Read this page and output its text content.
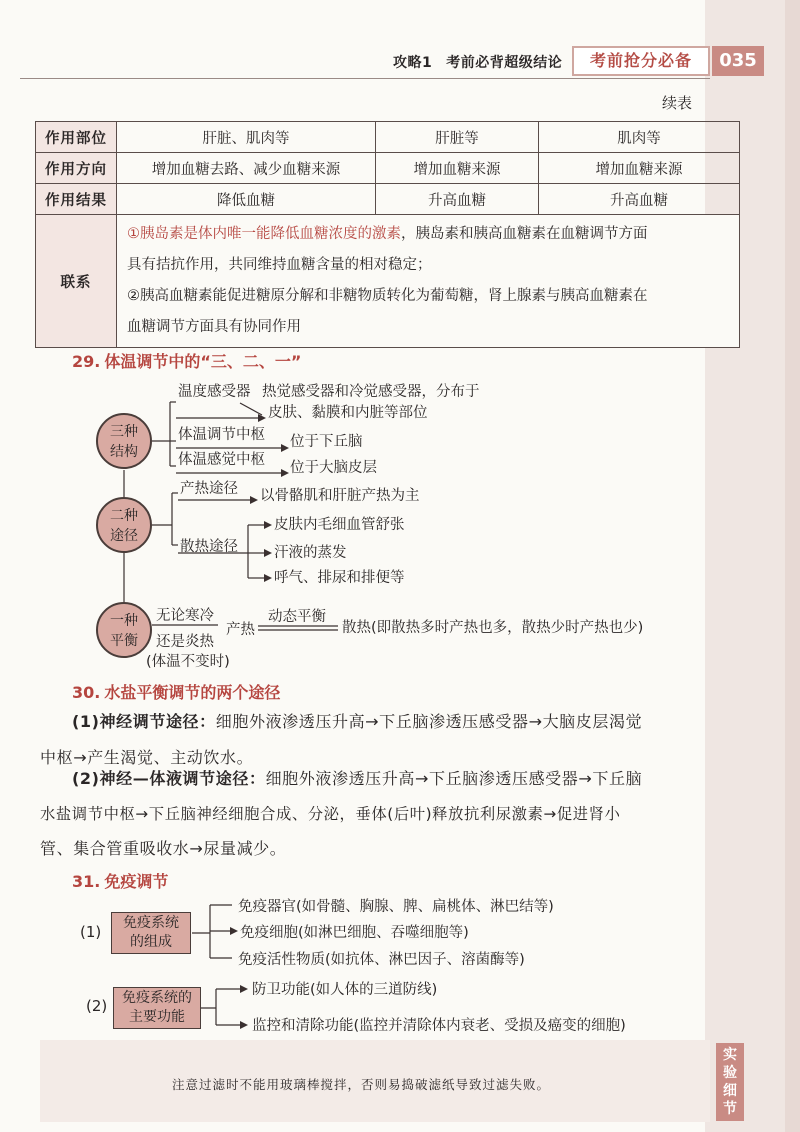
攻略1 考前必背超级结论	考前抢分必备	035
续表
作用部位	肝脏、肌肉等	肝脏等	肌肉等
作用方向	增加血糖去路、减少血糖来源	增加血糖来源	增加血糖来源
作用结果	降低血糖	升高血糖	升高血糖
联系	①胰岛素是体内唯一能降低血糖浓度的激素，胰岛素和胰高血糖素在血糖调节方面
具有拮抗作用，共同维持血糖含量的相对稳定；
②胰高血糖素能促进糖原分解和非糖物质转化为葡萄糖，肾上腺素与胰高血糖素在
血糖调节方面具有协同作用		
29. 体温调节中的“三、二、一”
三种
结构
二种
途径
一种
平衡
温度感受器 热觉感受器和冷觉感受器，分布于
皮肤、黏膜和内脏等部位
体温调节中枢 位于下丘脑
体温感觉中枢 位于大脑皮层
产热途径 以骨骼肌和肝脏产热为主
散热途径
皮肤内毛细血管舒张
汗液的蒸发
呼气、排尿和排便等
无论寒冷
还是炎热
(体温不变时)
产热
动态平衡
散热(即散热多时产热也多，散热少时产热也少)
30. 水盐平衡调节的两个途径
(1)神经调节途径：细胞外液渗透压升高→下丘脑渗透压感受器→大脑皮层渴觉
中枢→产生渴觉、主动饮水。
(2)神经—体液调节途径：细胞外液渗透压升高→下丘脑渗透压感受器→下丘脑
水盐调节中枢→下丘脑神经细胞合成、分泌，垂体(后叶)释放抗利尿激素→促进肾小
管、集合管重吸收水→尿量减少。
31. 免疫调节
(1)	免疫系统
的组成
免疫器官(如骨髓、胸腺、脾、扁桃体、淋巴结等)
免疫细胞(如淋巴细胞、吞噬细胞等)
免疫活性物质(如抗体、淋巴因子、溶菌酶等)
(2)	免疫系统的
主要功能
防卫功能(如人体的三道防线)
监控和清除功能(监控并清除体内衰老、受损及癌变的细胞)
注意过滤时不能用玻璃棒搅拌，否则易捣破滤纸导致过滤失败。
实
验
细
节
